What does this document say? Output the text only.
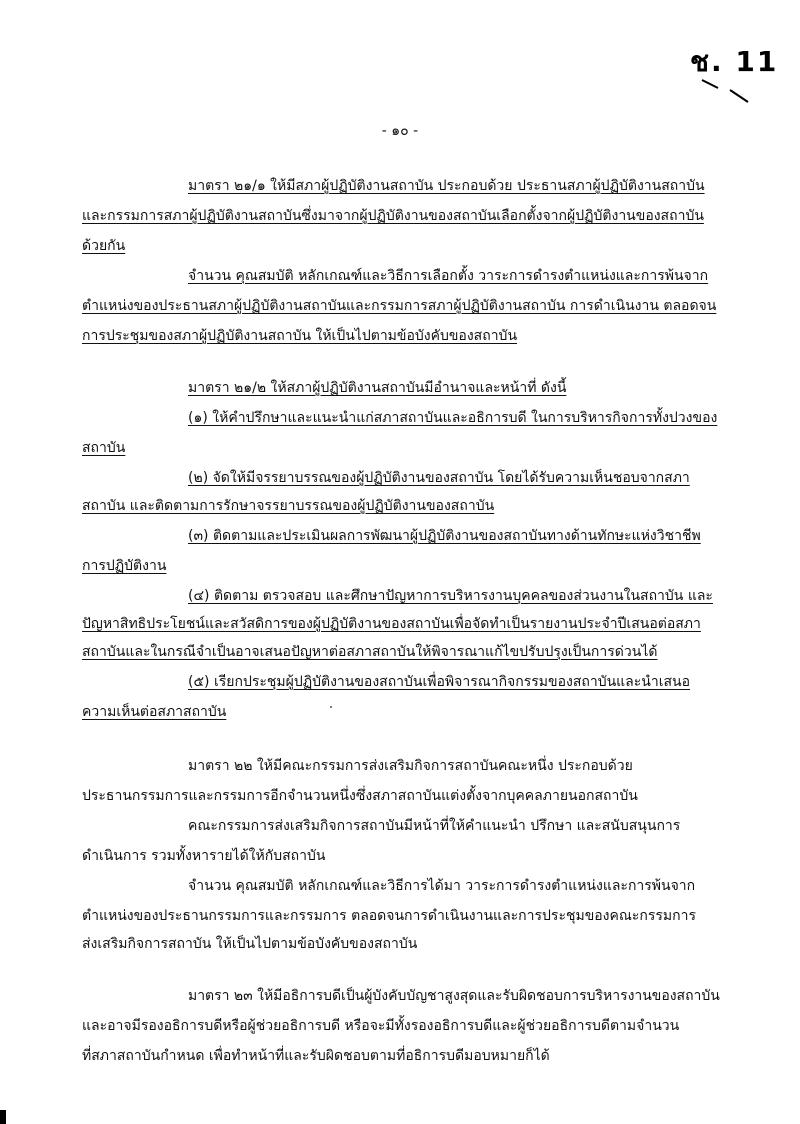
ช. 11
- ๑๐ -
มาตรา ๒๑/๑ ให้มีสภาผู้ปฏิบัติงานสถาบัน ประกอบด้วย ประธานสภาผู้ปฏิบัติงานสถาบัน
และกรรมการสภาผู้ปฏิบัติงานสถาบันซึ่งมาจากผู้ปฏิบัติงานของสถาบันเลือกตั้งจากผู้ปฏิบัติงานของสถาบัน
ด้วยกัน
จำนวน คุณสมบัติ หลักเกณฑ์และวิธีการเลือกตั้ง วาระการดำรงตำแหน่งและการพ้นจาก
ตำแหน่งของประธานสภาผู้ปฏิบัติงานสถาบันและกรรมการสภาผู้ปฏิบัติงานสถาบัน การดำเนินงาน ตลอดจน
การประชุมของสภาผู้ปฏิบัติงานสถาบัน ให้เป็นไปตามข้อบังคับของสถาบัน
มาตรา ๒๑/๒ ให้สภาผู้ปฏิบัติงานสถาบันมีอำนาจและหน้าที่ ดังนี้
(๑) ให้คำปรึกษาและแนะนำแก่สภาสถาบันและอธิการบดี ในการบริหารกิจการทั้งปวงของ
สถาบัน
(๒) จัดให้มีจรรยาบรรณของผู้ปฏิบัติงานของสถาบัน โดยได้รับความเห็นชอบจากสภา
สถาบัน และติดตามการรักษาจรรยาบรรณของผู้ปฏิบัติงานของสถาบัน
(๓) ติดตามและประเมินผลการพัฒนาผู้ปฏิบัติงานของสถาบันทางด้านทักษะแห่งวิชาชีพ
การปฏิบัติงาน
(๔) ติดตาม ตรวจสอบ และศึกษาปัญหาการบริหารงานบุคคลของส่วนงานในสถาบัน และ
ปัญหาสิทธิประโยชน์และสวัสดิการของผู้ปฏิบัติงานของสถาบันเพื่อจัดทำเป็นรายงานประจำปีเสนอต่อสภา
สถาบันและในกรณีจำเป็นอาจเสนอปัญหาต่อสภาสถาบันให้พิจารณาแก้ไขปรับปรุงเป็นการด่วนได้
(๕) เรียกประชุมผู้ปฏิบัติงานของสถาบันเพื่อพิจารณากิจกรรมของสถาบันและนำเสนอ
ความเห็นต่อสภาสถาบัน
มาตรา ๒๒ ให้มีคณะกรรมการส่งเสริมกิจการสถาบันคณะหนึ่ง ประกอบด้วย
ประธานกรรมการและกรรมการอีกจำนวนหนึ่งซึ่งสภาสถาบันแต่งตั้งจากบุคคลภายนอกสถาบัน
คณะกรรมการส่งเสริมกิจการสถาบันมีหน้าที่ให้คำแนะนำ ปรึกษา และสนับสนุนการ
ดำเนินการ รวมทั้งหารายได้ให้กับสถาบัน
จำนวน คุณสมบัติ หลักเกณฑ์และวิธีการได้มา วาระการดำรงตำแหน่งและการพ้นจาก
ตำแหน่งของประธานกรรมการและกรรมการ ตลอดจนการดำเนินงานและการประชุมของคณะกรรมการ
ส่งเสริมกิจการสถาบัน ให้เป็นไปตามข้อบังคับของสถาบัน
มาตรา ๒๓ ให้มีอธิการบดีเป็นผู้บังคับบัญชาสูงสุดและรับผิดชอบการบริหารงานของสถาบัน
และอาจมีรองอธิการบดีหรือผู้ช่วยอธิการบดี หรือจะมีทั้งรองอธิการบดีและผู้ช่วยอธิการบดีตามจำนวน
ที่สภาสถาบันกำหนด เพื่อทำหน้าที่และรับผิดชอบตามที่อธิการบดีมอบหมายก็ได้
